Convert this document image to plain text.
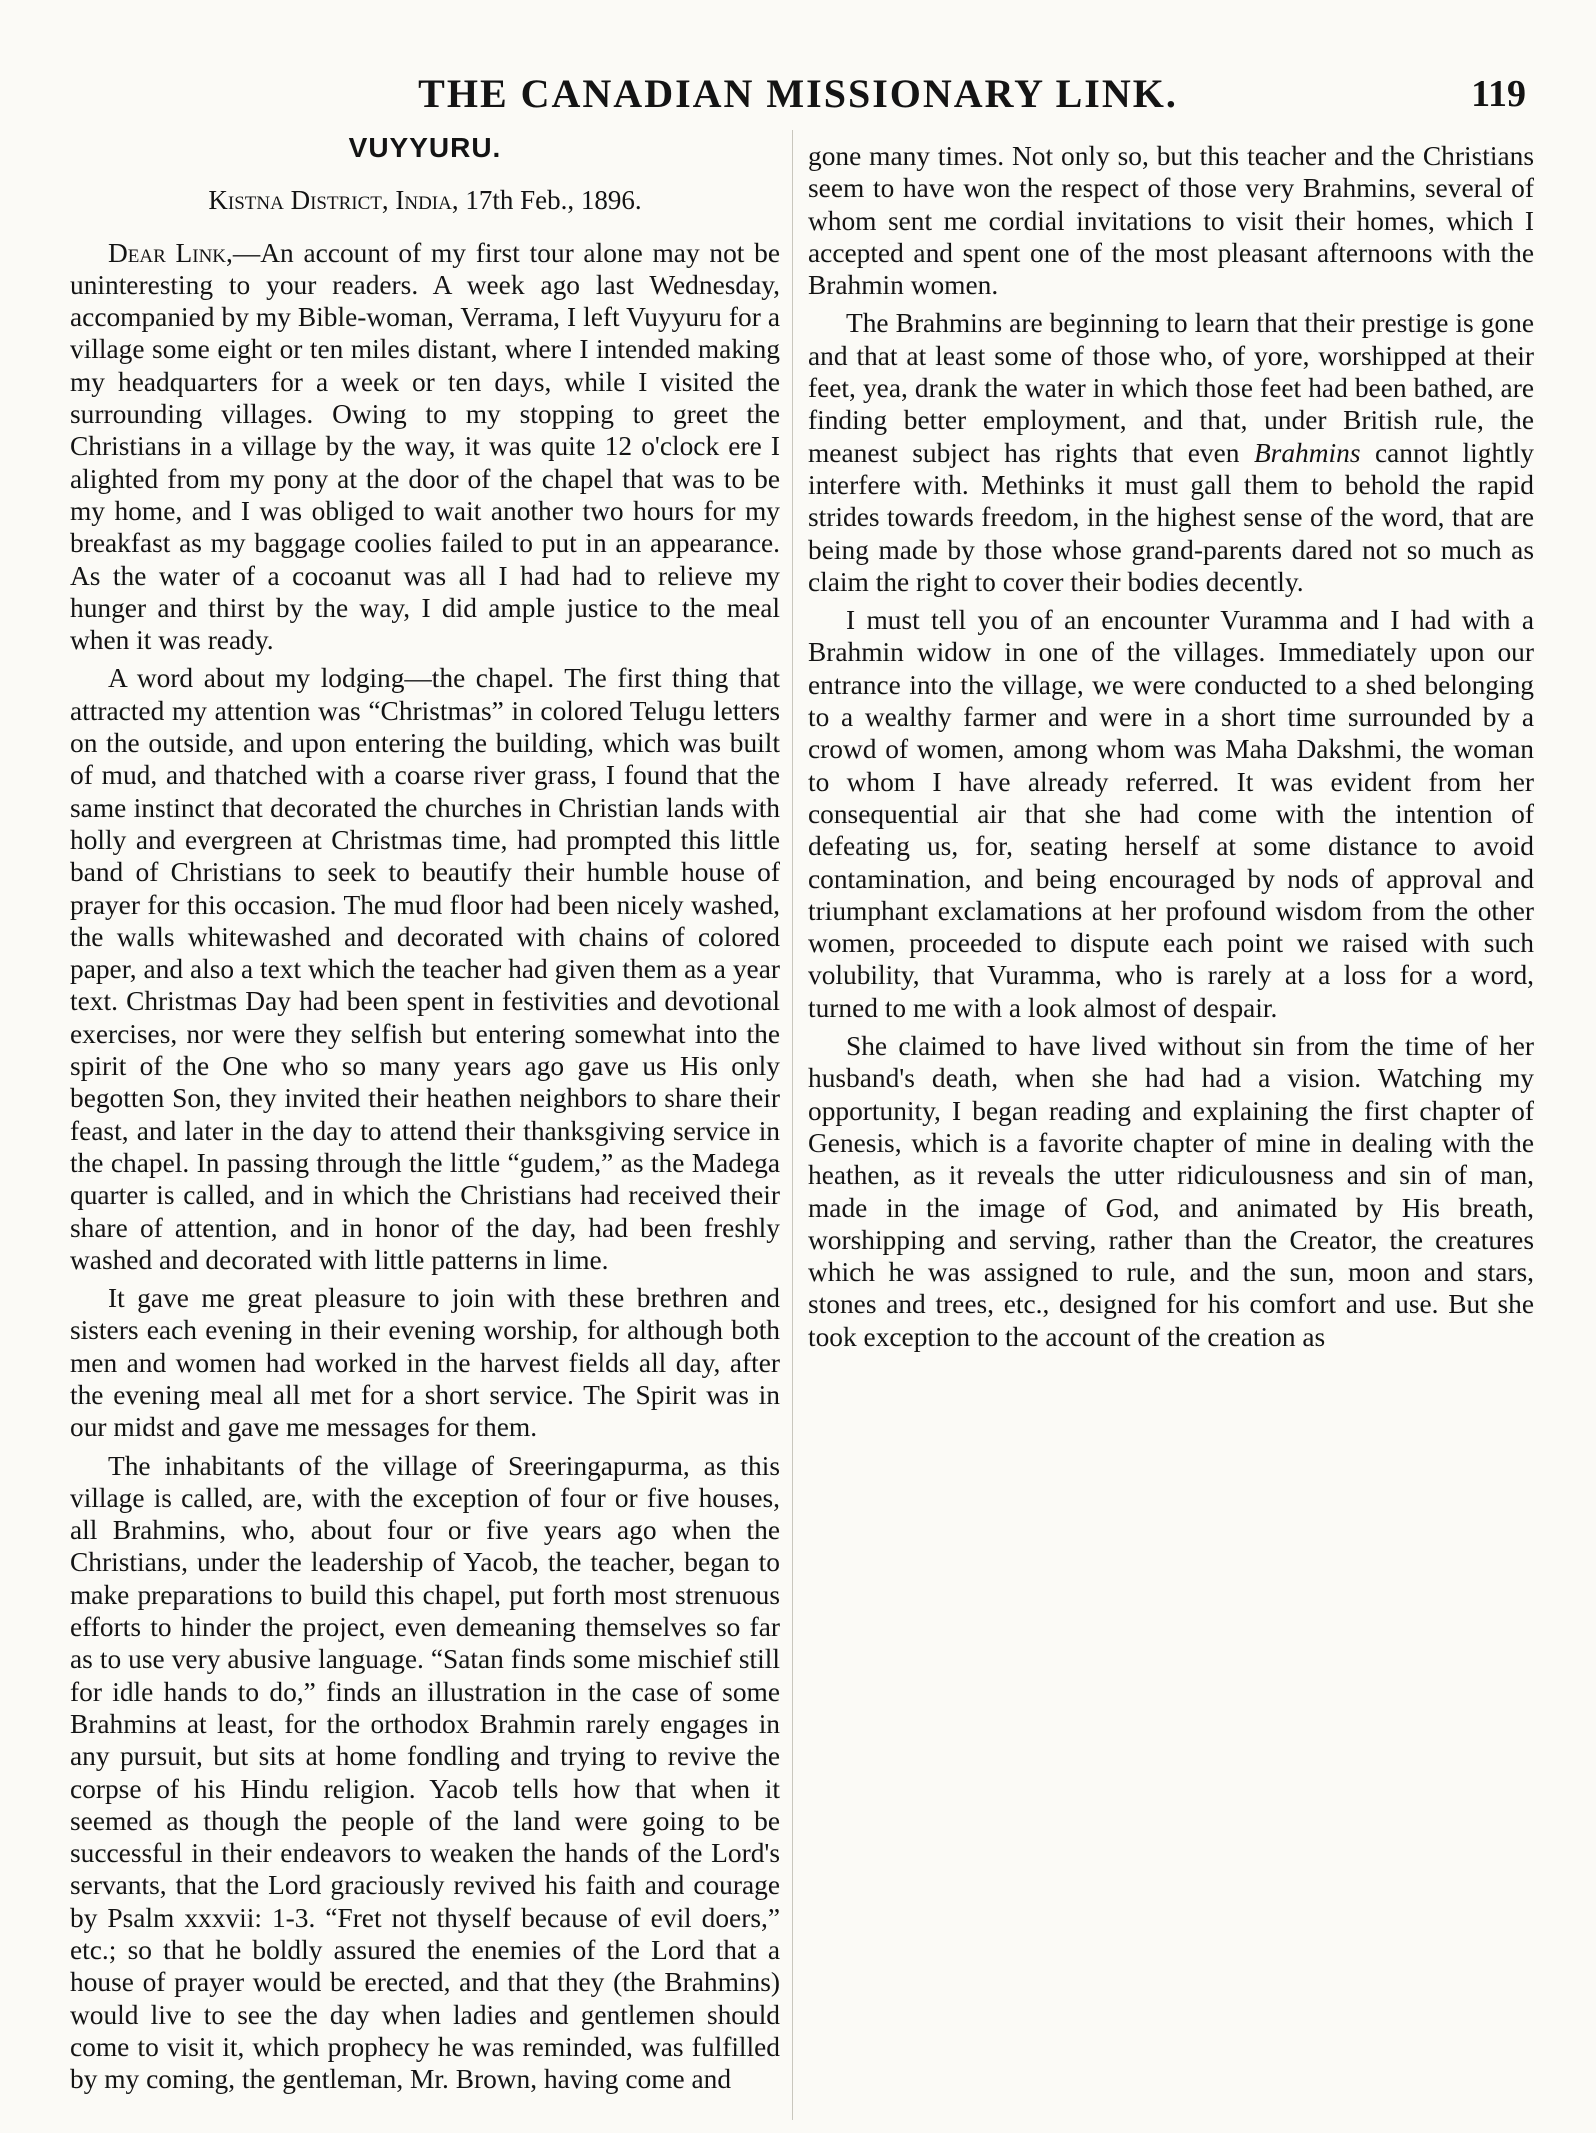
THE CANADIAN MISSIONARY LINK.	119
VUYYURU.
Kistna District, India, 17th Feb., 1896.

Dear Link,—An account of my first tour alone may not be uninteresting to your readers. A week ago last Wednesday, accompanied by my Bible-woman, Verrama, I left Vuyyuru for a village some eight or ten miles distant, where I intended making my headquarters for a week or ten days, while I visited the surrounding villages. Owing to my stopping to greet the Christians in a village by the way, it was quite 12 o'clock ere I alighted from my pony at the door of the chapel that was to be my home, and I was obliged to wait another two hours for my breakfast as my baggage coolies failed to put in an appearance. As the water of a cocoanut was all I had had to relieve my hunger and thirst by the way, I did ample justice to the meal when it was ready.

A word about my lodging—the chapel. The first thing that attracted my attention was “Christmas” in colored Telugu letters on the outside, and upon entering the building, which was built of mud, and thatched with a coarse river grass, I found that the same instinct that decorated the churches in Christian lands with holly and evergreen at Christmas time, had prompted this little band of Christians to seek to beautify their humble house of prayer for this occasion. The mud floor had been nicely washed, the walls whitewashed and decorated with chains of colored paper, and also a text which the teacher had given them as a year text. Christmas Day had been spent in festivities and devotional exercises, nor were they selfish but entering somewhat into the spirit of the One who so many years ago gave us His only begotten Son, they invited their heathen neighbors to share their feast, and later in the day to attend their thanksgiving service in the chapel. In passing through the little “gudem,” as the Madega quarter is called, and in which the Christians had received their share of attention, and in honor of the day, had been freshly washed and decorated with little patterns in lime.

It gave me great pleasure to join with these brethren and sisters each evening in their evening worship, for although both men and women had worked in the harvest fields all day, after the evening meal all met for a short service. The Spirit was in our midst and gave me messages for them.

The inhabitants of the village of Sreeringapurma, as this village is called, are, with the exception of four or five houses, all Brahmins, who, about four or five years ago when the Christians, under the leadership of Yacob, the teacher, began to make preparations to build this chapel, put forth most strenuous efforts to hinder the project, even demeaning themselves so far as to use very abusive language. “Satan finds some mischief still for idle hands to do,” finds an illustration in the case of some Brahmins at least, for the orthodox Brahmin rarely engages in any pursuit, but sits at home fondling and trying to revive the corpse of his Hindu religion. Yacob tells how that when it seemed as though the people of the land were going to be successful in their endeavors to weaken the hands of the Lord's servants, that the Lord graciously revived his faith and courage by Psalm xxxvii: 1-3. “Fret not thyself because of evil doers,” etc.; so that he boldly assured the enemies of the Lord that a house of prayer would be erected, and that they (the Brahmins) would live to see the day when ladies and gentlemen should come to visit it, which prophecy he was reminded, was fulfilled by my coming, the gentleman, Mr. Brown, having come and

gone many times. Not only so, but this teacher and the Christians seem to have won the respect of those very Brahmins, several of whom sent me cordial invitations to visit their homes, which I accepted and spent one of the most pleasant afternoons with the Brahmin women.

The Brahmins are beginning to learn that their prestige is gone and that at least some of those who, of yore, worshipped at their feet, yea, drank the water in which those feet had been bathed, are finding better employment, and that, under British rule, the meanest subject has rights that even Brahmins cannot lightly interfere with. Methinks it must gall them to behold the rapid strides towards freedom, in the highest sense of the word, that are being made by those whose grand-parents dared not so much as claim the right to cover their bodies decently.

I must tell you of an encounter Vuramma and I had with a Brahmin widow in one of the villages. Immediately upon our entrance into the village, we were conducted to a shed belonging to a wealthy farmer and were in a short time surrounded by a crowd of women, among whom was Maha Dakshmi, the woman to whom I have already referred. It was evident from her consequential air that she had come with the intention of defeating us, for, seating herself at some distance to avoid contamination, and being encouraged by nods of approval and triumphant exclamations at her profound wisdom from the other women, proceeded to dispute each point we raised with such volubility, that Vuramma, who is rarely at a loss for a word, turned to me with a look almost of despair.

She claimed to have lived without sin from the time of her husband's death, when she had had a vision. Watching my opportunity, I began reading and explaining the first chapter of Genesis, which is a favorite chapter of mine in dealing with the heathen, as it reveals the utter ridiculousness and sin of man, made in the image of God, and animated by His breath, worshipping and serving, rather than the Creator, the creatures which he was assigned to rule, and the sun, moon and stars, stones and trees, etc., designed for his comfort and use. But she took exception to the account of the creation as
